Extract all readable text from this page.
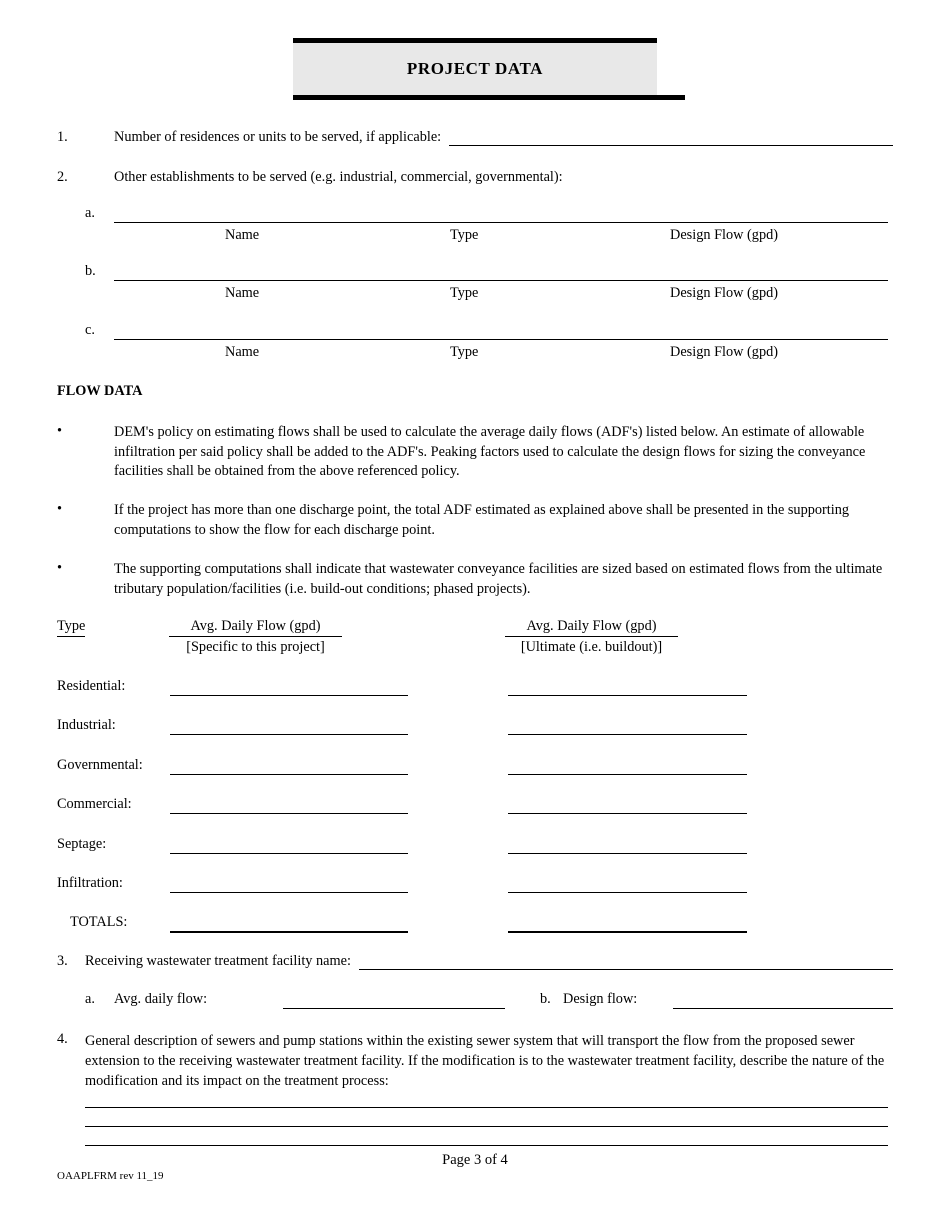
PROJECT DATA
1.	Number of residences or units to be served, if applicable:
2.	Other establishments to be served (e.g. industrial, commercial, governmental):
a.
Name	Type	Design Flow (gpd)
b.
Name	Type	Design Flow (gpd)
c.
Name	Type	Design Flow (gpd)
FLOW DATA
•	DEM's policy on estimating flows shall be used to calculate the average daily flows (ADF's) listed below. An estimate of allowable infiltration per said policy shall be added to the ADF's. Peaking factors used to calculate the design flows for sizing the conveyance facilities shall be obtained from the above referenced policy.
•	If the project has more than one discharge point, the total ADF estimated as explained above shall be presented in the supporting computations to show the flow for each discharge point.
•	The supporting computations shall indicate that wastewater conveyance facilities are sized based on estimated flows from the ultimate tributary population/facilities (i.e. build-out conditions; phased projects).
Type	Avg. Daily Flow (gpd)	Avg. Daily Flow (gpd)
[Specific to this project]	[Ultimate (i.e. buildout)]
Residential:
Industrial:
Governmental:
Commercial:
Septage:
Infiltration:
TOTALS:
3.	Receiving wastewater treatment facility name:
a. Avg. daily flow:	b. Design flow:
4.	General description of sewers and pump stations within the existing sewer system that will transport the flow from the proposed sewer extension to the receiving wastewater treatment facility. If the modification is to the wastewater treatment facility, describe the nature of the modification and its impact on the treatment process:
Page 3 of 4
OAAPLFRM rev 11_19
